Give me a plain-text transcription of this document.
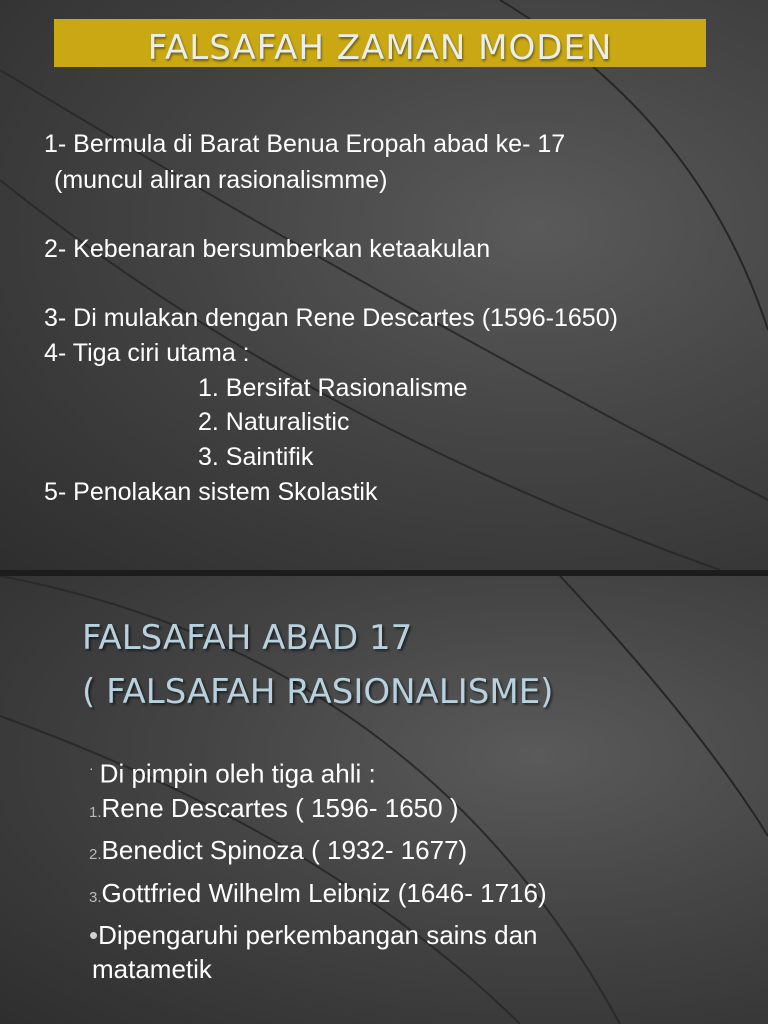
FALSAFAH ZAMAN MODEN
1- Bermula di Barat Benua Eropah abad ke- 17
(muncul aliran rasionalismme)
2- Kebenaran bersumberkan ketaakulan
3- Di mulakan dengan Rene Descartes (1596-1650)
4- Tiga ciri utama :
1. Bersifat Rasionalisme
2. Naturalistic
3. Saintifik
5- Penolakan sistem Skolastik
FALSAFAH ABAD 17
( FALSAFAH RASIONALISME)
· Di pimpin oleh tiga ahli :
1.Rene Descartes ( 1596- 1650 )
2.Benedict Spinoza ( 1932- 1677)
3.Gottfried Wilhelm Leibniz (1646- 1716)
•Dipengaruhi perkembangan sains dan
matametik
